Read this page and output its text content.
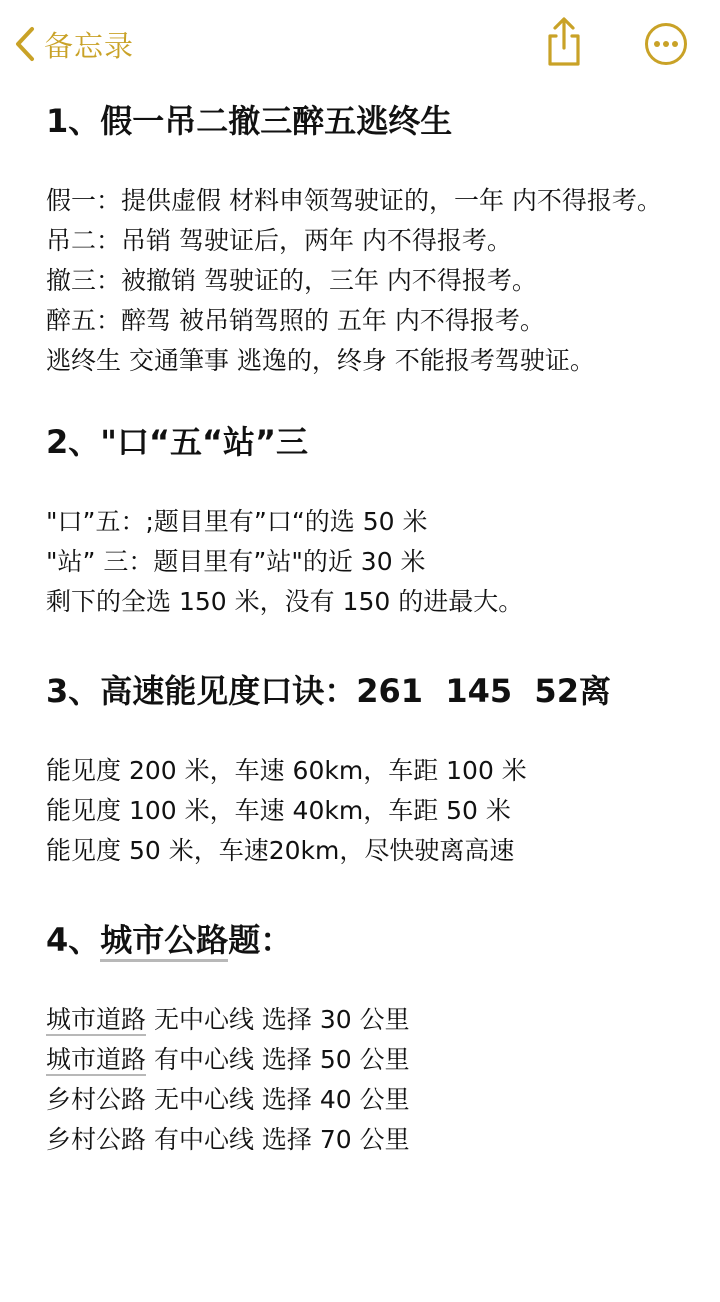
备忘录
1、假一吊二撤三醉五逃终生
假一：提供虚假 材料申领驾驶证的，一年 内不得报考。
吊二：吊销 驾驶证后，两年 内不得报考。
撤三：被撤销 驾驶证的，三年 内不得报考。
醉五：醉驾 被吊销驾照的 五年 内不得报考。
逃终生 交通筆事 逃逸的，终身 不能报考驾驶证。
2、"口“五“站”三
"口”五：;题目里有”口“的选 50 米
"站” 三：题目里有”站"的近 30 米
剩下的全选 150 米，没有 150 的进最大。
3、高速能见度口诀：261  145  52离
能见度 200 米，车速 60km，车距 100 米
能见度 100 米，车速 40km，车距 50 米
能见度 50 米，车速20km，尽快驶离高速
4、城市公路题：
城市道路 无中心线 选择 30 公里
城市道路 有中心线 选择 50 公里
乡村公路 无中心线 选择 40 公里
乡村公路 有中心线 选择 70 公里
